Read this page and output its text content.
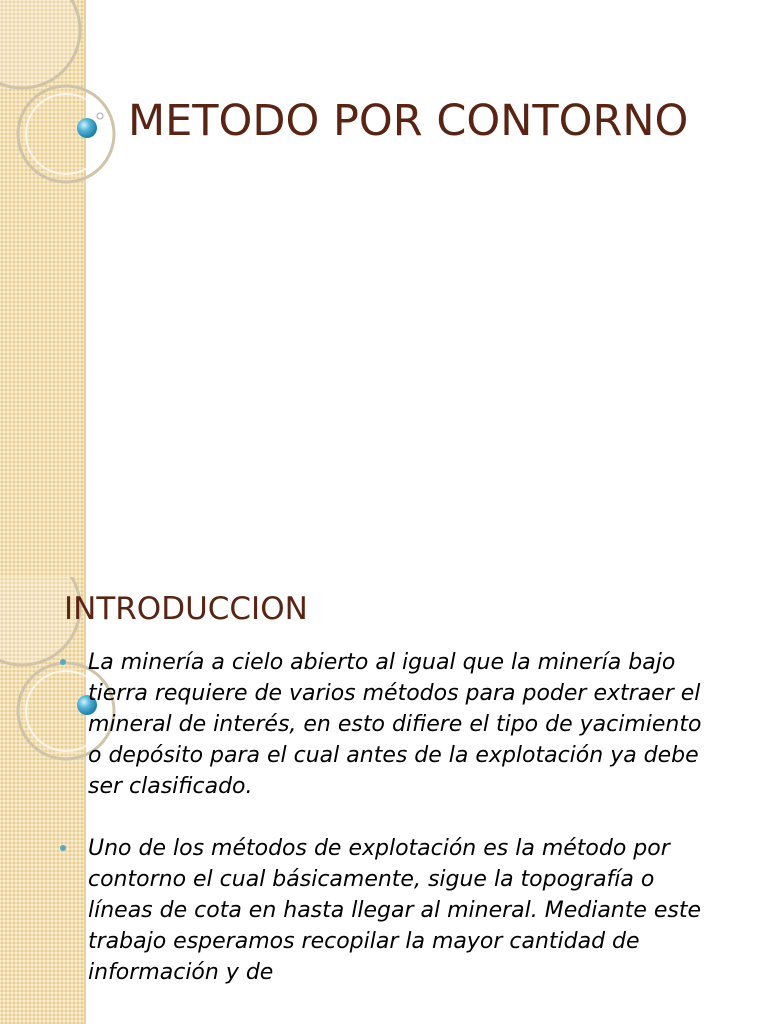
METODO POR CONTORNO
INTRODUCCION
La minería a cielo abierto al igual que la minería bajo tierra requiere de varios métodos para poder extraer el mineral de interés, en esto difiere el tipo de yacimiento o depósito para el cual antes de la explotación ya debe ser clasificado.
Uno de los métodos de explotación es la método por contorno el cual básicamente, sigue la topografía o líneas de cota en hasta llegar al mineral. Mediante este trabajo esperamos recopilar la mayor cantidad de información y de
